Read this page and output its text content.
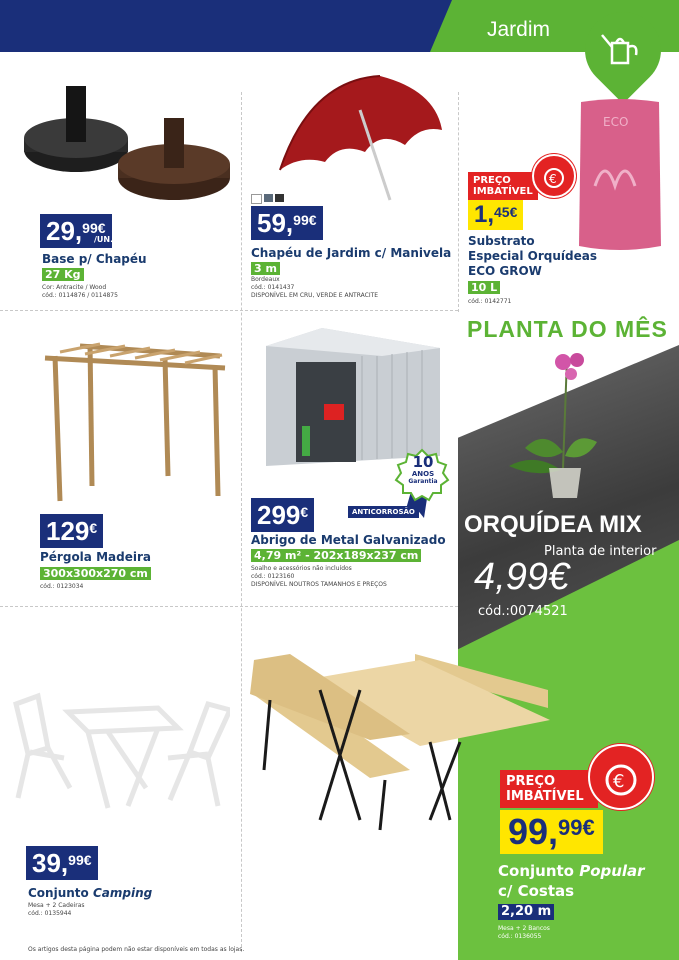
Jardim
29, 99€
/UN.
Base p/ Chapéu
27 Kg
Cor: Antracite / Wood
cód.: 0114876 / 0114875
59, 99€
Chapéu de Jardim c/ Manivela
3 m
Bordeaux
cód.: 0141437
DISPONÍVEL EM CRU, VERDE E ANTRACITE
ECO
PREÇO
IMBATÍVEL
€
1, 45€
Substrato
Especial Orquídeas
ECO GROW
10 L
cód.: 0142771
129 €
Pérgola Madeira
300x300x270 cm
cód.: 0123034
10
ANOS
Garantia
299 €	ANTICORROSÃO
Abrigo de Metal Galvanizado
4,79 m² - 202x189x237 cm
Soalho e acessórios não incluídos
cód.: 0123160
DISPONÍVEL NOUTROS TAMANHOS E PREÇOS
PLANTA DO MÊS
ORQUÍDEA MIX
Planta de interior
4,99€
cód.:0074521
39, 99€
Conjunto Camping
Mesa + 2 Cadeiras
cód.: 0135944
Os artigos desta página podem não estar disponíveis em todas as lojas.
PREÇO
IMBATÍVEL
€
99, 99€
Conjunto Popular
c/ Costas
2,20 m
Mesa + 2 Bancos
cód.: 0136055
